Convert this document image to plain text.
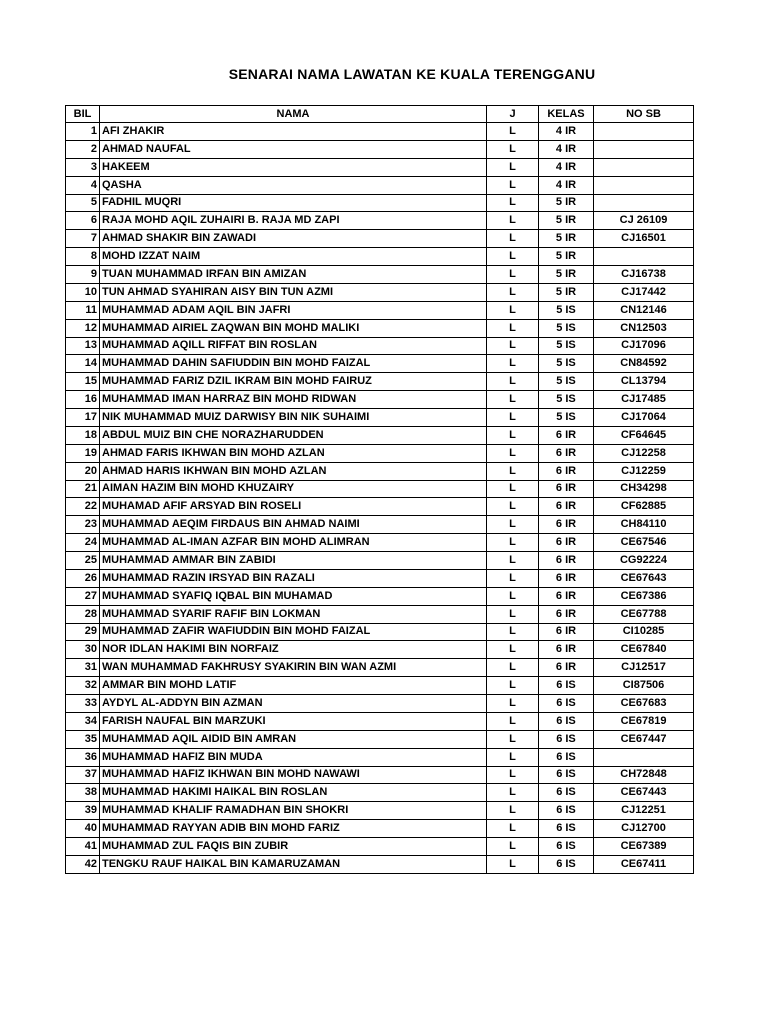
SENARAI NAMA LAWATAN KE KUALA TERENGGANU
BIL	NAMA	J	KELAS	NO SB
1	AFI ZHAKIR	L	4 IR	
2	AHMAD NAUFAL	L	4 IR	
3	HAKEEM	L	4 IR	
4	QASHA	L	4 IR	
5	FADHIL MUQRI	L	5 IR	
6	RAJA MOHD AQIL ZUHAIRI B. RAJA MD ZAPI	L	5 IR	CJ 26109
7	AHMAD SHAKIR BIN ZAWADI	L	5 IR	CJ16501
8	MOHD IZZAT NAIM	L	5 IR	
9	TUAN MUHAMMAD IRFAN BIN AMIZAN	L	5 IR	CJ16738
10	TUN AHMAD SYAHIRAN AISY BIN TUN AZMI	L	5 IR	CJ17442
11	MUHAMMAD ADAM AQIL BIN JAFRI	L	5 IS	CN12146
12	MUHAMMAD AIRIEL ZAQWAN BIN MOHD MALIKI	L	5 IS	CN12503
13	MUHAMMAD AQILL RIFFAT BIN ROSLAN	L	5 IS	CJ17096
14	MUHAMMAD DAHIN SAFIUDDIN BIN MOHD FAIZAL	L	5 IS	CN84592
15	MUHAMMAD FARIZ DZIL IKRAM BIN MOHD FAIRUZ	L	5 IS	CL13794
16	MUHAMMAD IMAN HARRAZ BIN MOHD RIDWAN	L	5 IS	CJ17485
17	NIK MUHAMMAD MUIZ DARWISY BIN NIK SUHAIMI	L	5 IS	CJ17064
18	ABDUL MUIZ BIN CHE NORAZHARUDDEN	L	6 IR	CF64645
19	AHMAD FARIS IKHWAN BIN MOHD AZLAN	L	6 IR	CJ12258
20	AHMAD HARIS IKHWAN BIN MOHD AZLAN	L	6 IR	CJ12259
21	AIMAN HAZIM BIN MOHD KHUZAIRY	L	6 IR	CH34298
22	MUHAMAD AFIF ARSYAD BIN ROSELI	L	6 IR	CF62885
23	MUHAMMAD AEQIM FIRDAUS BIN AHMAD NAIMI	L	6 IR	CH84110
24	MUHAMMAD AL-IMAN AZFAR BIN MOHD ALIMRAN	L	6 IR	CE67546
25	MUHAMMAD AMMAR BIN ZABIDI	L	6 IR	CG92224
26	MUHAMMAD RAZIN IRSYAD BIN RAZALI	L	6 IR	CE67643
27	MUHAMMAD SYAFIQ IQBAL BIN MUHAMAD	L	6 IR	CE67386
28	MUHAMMAD SYARIF RAFIF BIN LOKMAN	L	6 IR	CE67788
29	MUHAMMAD ZAFIR WAFIUDDIN BIN MOHD FAIZAL	L	6 IR	CI10285
30	NOR IDLAN HAKIMI BIN NORFAIZ	L	6 IR	CE67840
31	WAN MUHAMMAD FAKHRUSY SYAKIRIN BIN WAN AZMI	L	6 IR	CJ12517
32	AMMAR BIN MOHD LATIF	L	6 IS	CI87506
33	AYDYL AL-ADDYN BIN AZMAN	L	6 IS	CE67683
34	FARISH NAUFAL BIN MARZUKI	L	6 IS	CE67819
35	MUHAMMAD AQIL AIDID BIN AMRAN	L	6 IS	CE67447
36	MUHAMMAD HAFIZ BIN MUDA	L	6 IS	
37	MUHAMMAD HAFIZ IKHWAN BIN MOHD NAWAWI	L	6 IS	CH72848
38	MUHAMMAD HAKIMI HAIKAL BIN ROSLAN	L	6 IS	CE67443
39	MUHAMMAD KHALIF RAMADHAN BIN SHOKRI	L	6 IS	CJ12251
40	MUHAMMAD RAYYAN ADIB BIN MOHD FARIZ	L	6 IS	CJ12700
41	MUHAMMAD ZUL FAQIS BIN ZUBIR	L	6 IS	CE67389
42	TENGKU RAUF HAIKAL BIN KAMARUZAMAN	L	6 IS	CE67411
